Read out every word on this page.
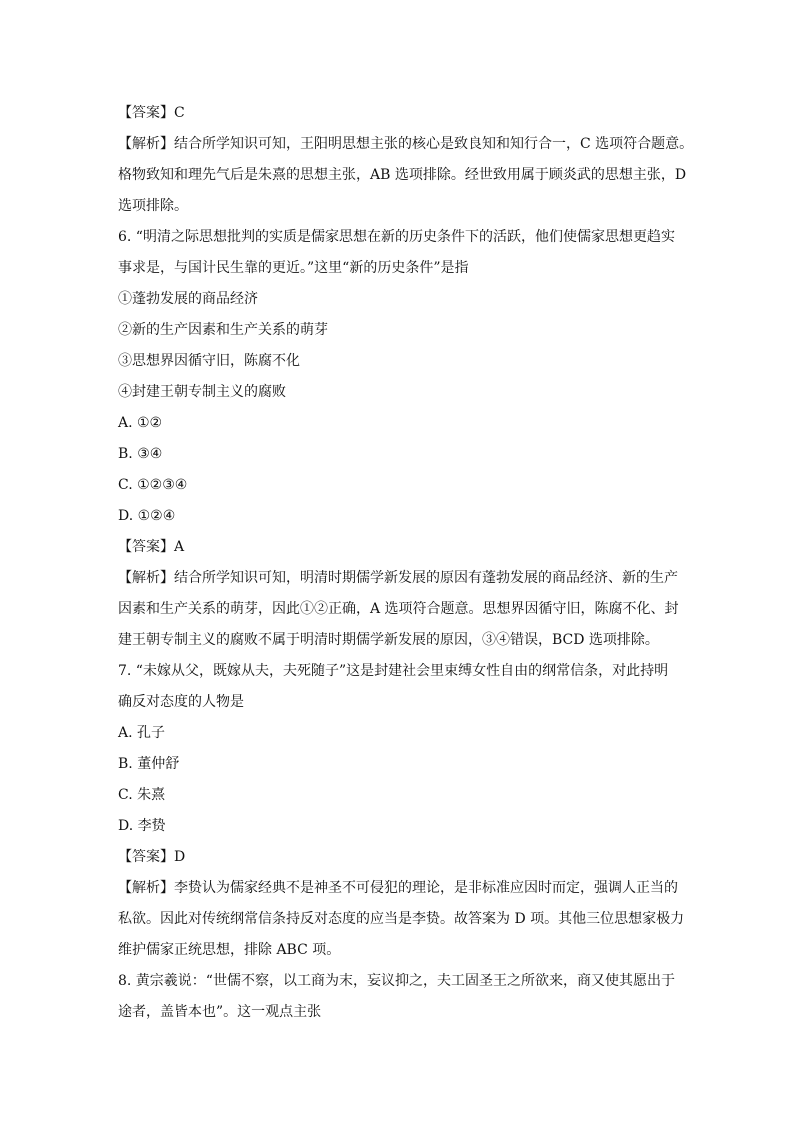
【答案】C
【解析】结合所学知识可知，王阳明思想主张的核心是致良知和知行合一，C 选项符合题意。
格物致知和理先气后是朱熹的思想主张，AB 选项排除。经世致用属于顾炎武的思想主张，D
选项排除。
6. “明清之际思想批判的实质是儒家思想在新的历史条件下的活跃，他们使儒家思想更趋实
事求是，与国计民生靠的更近。”这里“新的历史条件”是指
①蓬勃发展的商品经济
②新的生产因素和生产关系的萌芽
③思想界因循守旧，陈腐不化
④封建王朝专制主义的腐败
A. ①②
B. ③④
C. ①②③④
D. ①②④
【答案】A
【解析】结合所学知识可知，明清时期儒学新发展的原因有蓬勃发展的商品经济、新的生产
因素和生产关系的萌芽，因此①②正确，A 选项符合题意。思想界因循守旧，陈腐不化、封
建王朝专制主义的腐败不属于明清时期儒学新发展的原因，③④错误，BCD 选项排除。
7. “未嫁从父，既嫁从夫，夫死随子”这是封建社会里束缚女性自由的纲常信条，对此持明
确反对态度的人物是
A. 孔子
B. 董仲舒
C. 朱熹
D. 李贽
【答案】D
【解析】李贽认为儒家经典不是神圣不可侵犯的理论，是非标准应因时而定，强调人正当的
私欲。因此对传统纲常信条持反对态度的应当是李贽。故答案为 D 项。其他三位思想家极力
维护儒家正统思想，排除 ABC 项。
8. 黄宗羲说：“世儒不察，以工商为末，妄议抑之，夫工固圣王之所欲来，商又使其愿出于
途者，盖皆本也”。这一观点主张
